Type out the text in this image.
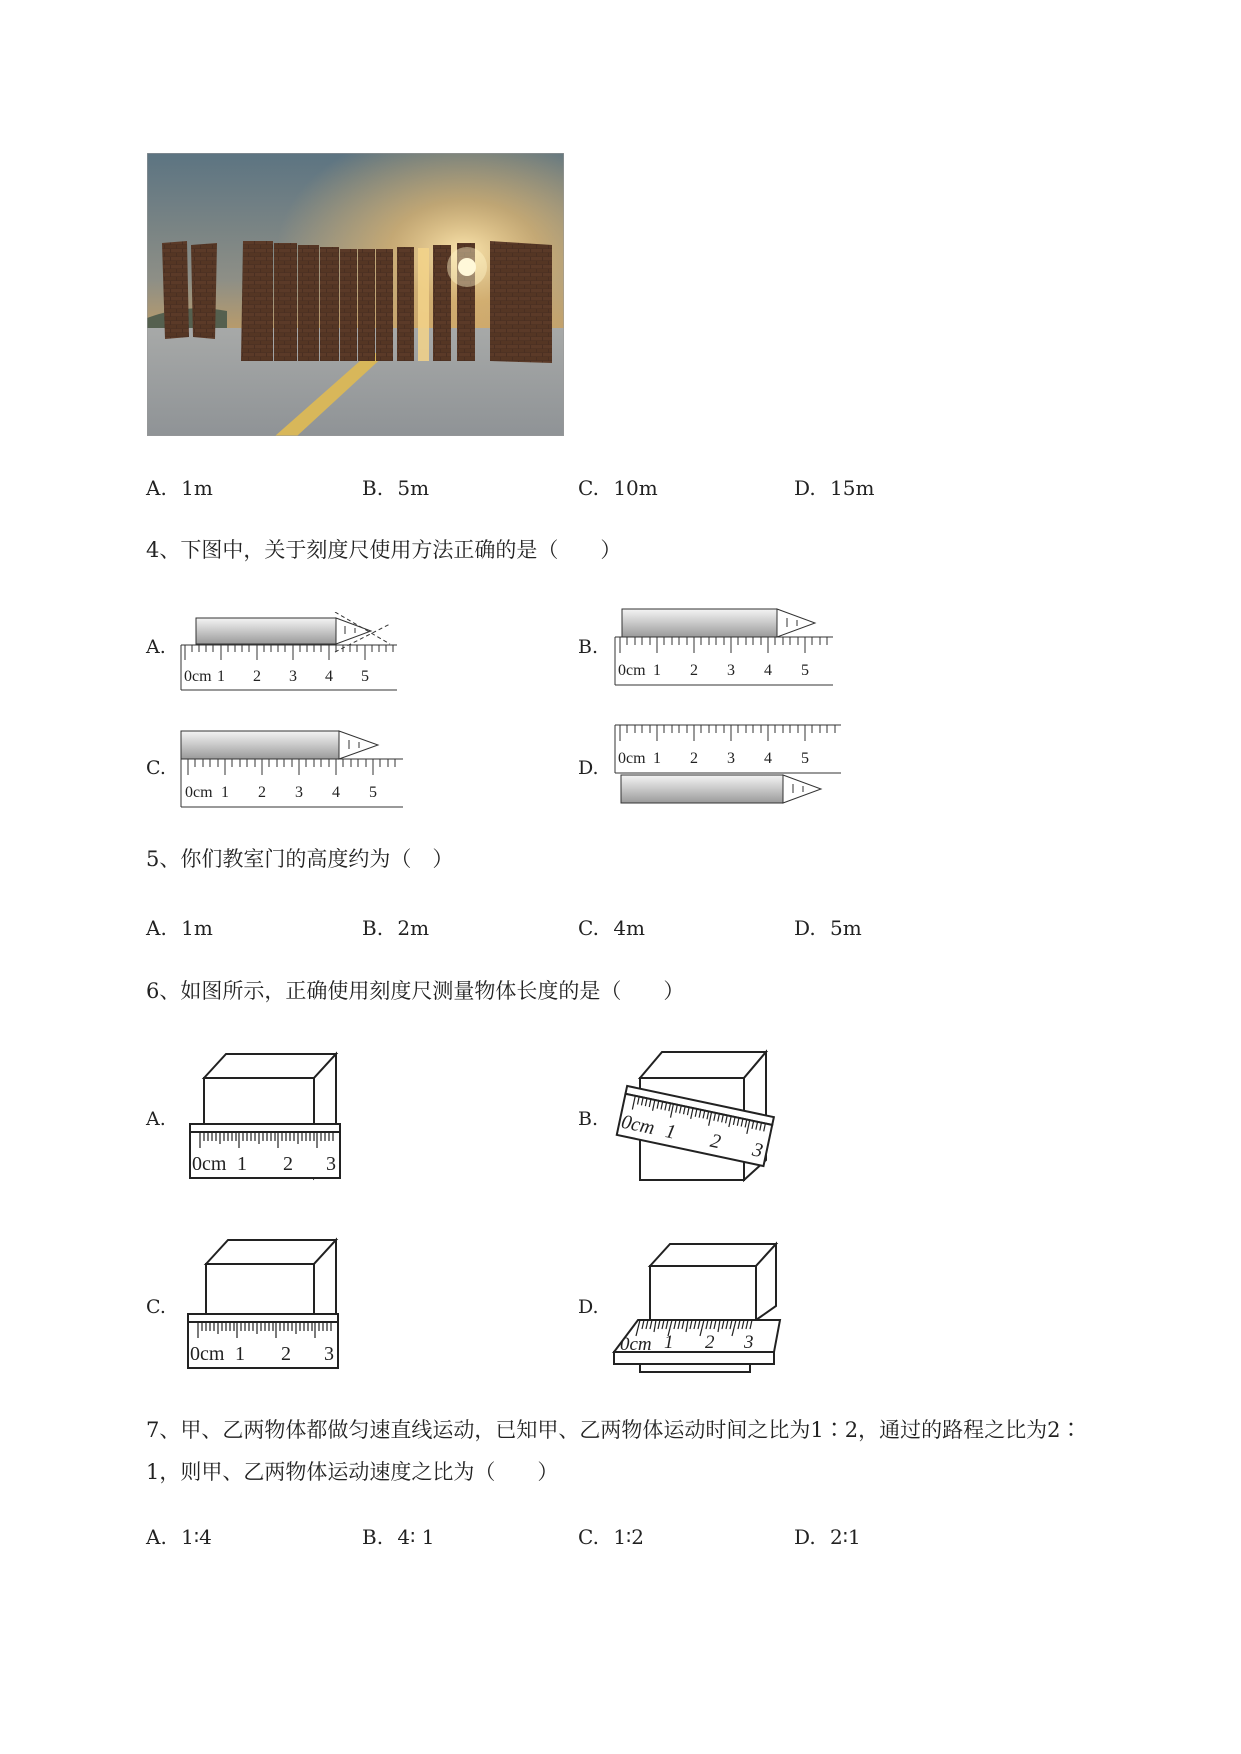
A. 1m	B. 5m	C. 10m	D. 15m
4、下图中，关于刻度尺使用方法正确的是（　　）
A.
0cm 1 2 3 4 5
B.
0cm 1 2 3 4 5
C.
0cm 1 2 3 4 5
D. 0cm 1 2 3 4 5
5、你们教室门的高度约为（　）
A. 1m	B. 2m	C. 4m	D. 5m
6、如图所示，正确使用刻度尺测量物体长度的是（　　）
A.
0cm 1 2 3
B. 0cm 1 2 3
C.
0cm 1 2 3
D.
0cm 1 2 3
7、甲、乙两物体都做匀速直线运动，已知甲、乙两物体运动时间之比为1∶2，通过的路程之比为2∶
1，则甲、乙两物体运动速度之比为（　　）
A. 1∶4	B. 4∶ 1	C. 1∶2	D. 2∶1
